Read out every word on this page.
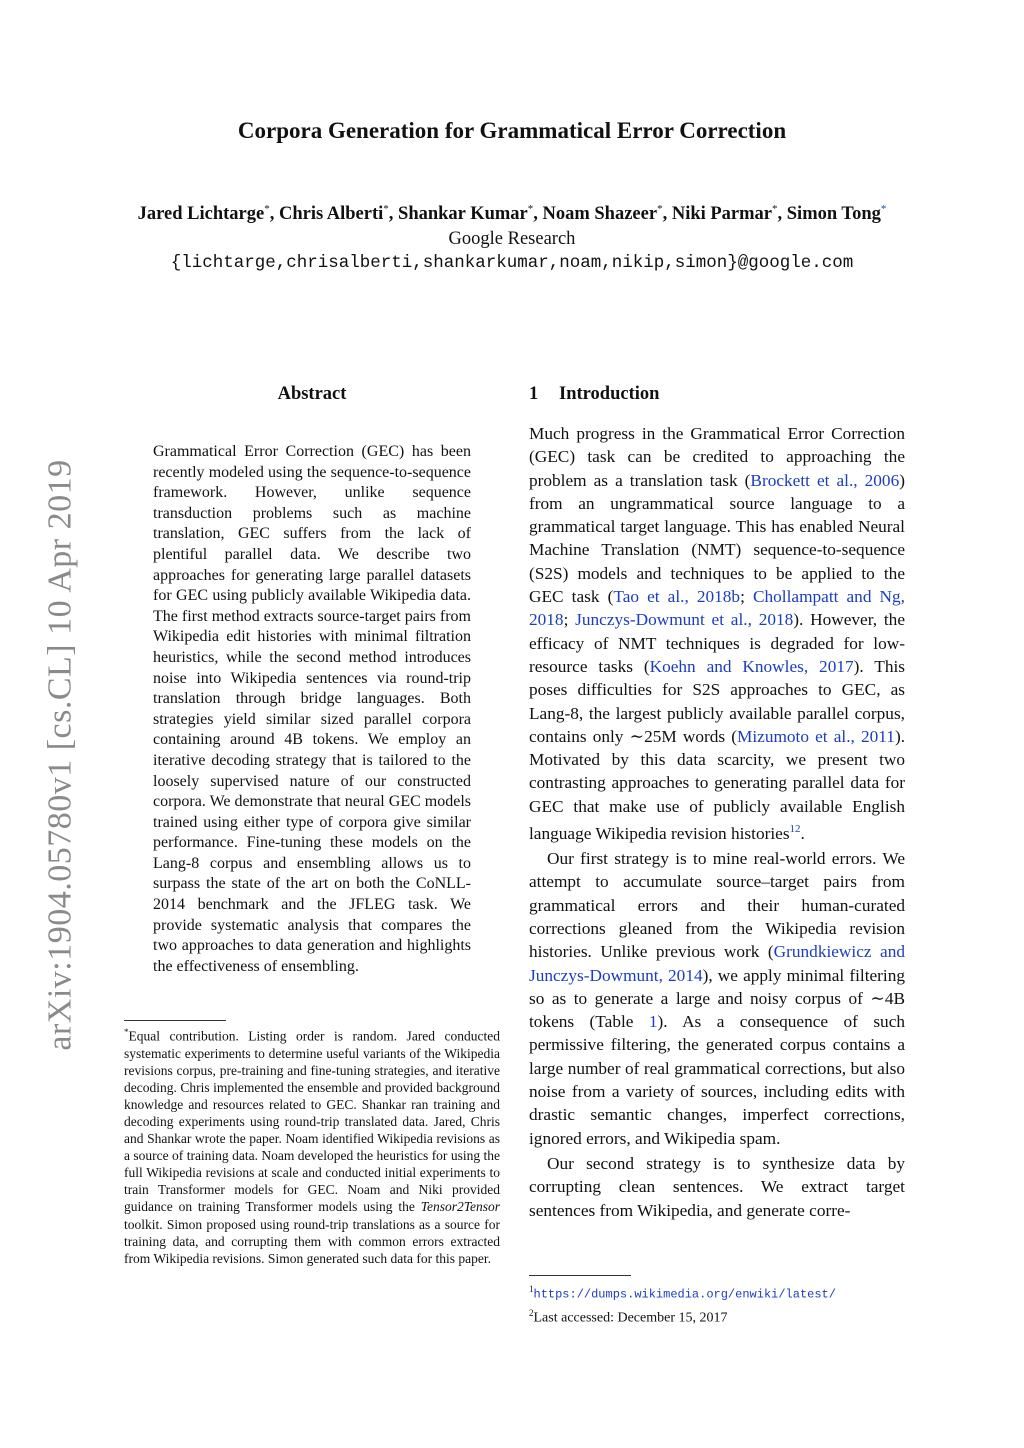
arXiv:1904.05780v1 [cs.CL] 10 Apr 2019
Corpora Generation for Grammatical Error Correction
Jared Lichtarge*, Chris Alberti*, Shankar Kumar*, Noam Shazeer*, Niki Parmar*, Simon Tong*
Google Research
{lichtarge,chrisalberti,shankarkumar,noam,nikip,simon}@google.com
Abstract
Grammatical Error Correction (GEC) has been recently modeled using the sequence-to-sequence framework. However, unlike sequence transduction problems such as machine translation, GEC suffers from the lack of plentiful parallel data. We describe two approaches for generating large parallel datasets for GEC using publicly available Wikipedia data. The first method extracts source-target pairs from Wikipedia edit histories with minimal filtration heuristics, while the second method introduces noise into Wikipedia sentences via round-trip translation through bridge languages. Both strategies yield similar sized parallel corpora containing around 4B tokens. We employ an iterative decoding strategy that is tailored to the loosely supervised nature of our constructed corpora. We demonstrate that neural GEC models trained using either type of corpora give similar performance. Fine-tuning these models on the Lang-8 corpus and ensembling allows us to surpass the state of the art on both the CoNLL-2014 benchmark and the JFLEG task. We provide systematic analysis that compares the two approaches to data generation and highlights the effectiveness of ensembling.
*Equal contribution. Listing order is random. Jared conducted systematic experiments to determine useful variants of the Wikipedia revisions corpus, pre-training and fine-tuning strategies, and iterative decoding. Chris implemented the ensemble and provided background knowledge and resources related to GEC. Shankar ran training and decoding experiments using round-trip translated data. Jared, Chris and Shankar wrote the paper. Noam identified Wikipedia revisions as a source of training data. Noam developed the heuristics for using the full Wikipedia revisions at scale and conducted initial experiments to train Transformer models for GEC. Noam and Niki provided guidance on training Transformer models using the Tensor2Tensor toolkit. Simon proposed using round-trip translations as a source for training data, and corrupting them with common errors extracted from Wikipedia revisions. Simon generated such data for this paper.
1 Introduction

Much progress in the Grammatical Error Correction (GEC) task can be credited to approaching the problem as a translation task (Brockett et al., 2006) from an ungrammatical source language to a grammatical target language. This has enabled Neural Machine Translation (NMT) sequence-to-sequence (S2S) models and techniques to be applied to the GEC task (Tao et al., 2018b; Chollampatt and Ng, 2018; Junczys-Dowmunt et al., 2018). However, the efficacy of NMT techniques is degraded for low-resource tasks (Koehn and Knowles, 2017). This poses difficulties for S2S approaches to GEC, as Lang-8, the largest publicly available parallel corpus, contains only ∼25M words (Mizumoto et al., 2011). Motivated by this data scarcity, we present two contrasting approaches to generating parallel data for GEC that make use of publicly available English language Wikipedia revision histories$^{12}$.

Our first strategy is to mine real-world errors. We attempt to accumulate source–target pairs from grammatical errors and their human-curated corrections gleaned from the Wikipedia revision histories. Unlike previous work (Grundkiewicz and Junczys-Dowmunt, 2014), we apply minimal filtering so as to generate a large and noisy corpus of ∼4B tokens (Table 1). As a consequence of such permissive filtering, the generated corpus contains a large number of real grammatical corrections, but also noise from a variety of sources, including edits with drastic semantic changes, imperfect corrections, ignored errors, and Wikipedia spam.

Our second strategy is to synthesize data by corrupting clean sentences. We extract target sentences from Wikipedia, and generate corre-

$^1$https://dumps.wikimedia.org/enwiki/latest/
$^2$Last accessed: December 15, 2017
